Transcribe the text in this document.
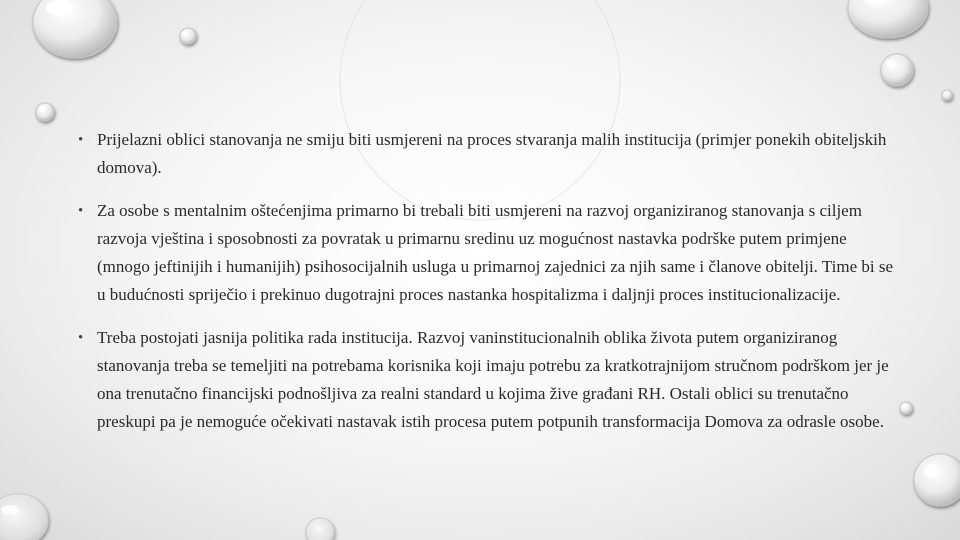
• Prijelazni oblici stanovanja ne smiju biti usmjereni na proces stvaranja malih institucija (primjer ponekih obiteljskih domova).
• Za osobe s mentalnim oštećenjima primarno bi trebali biti usmjereni na razvoj organiziranog stanovanja s ciljem razvoja vještina i sposobnosti za povratak u primarnu sredinu uz mogućnost nastavka podrške putem primjene (mnogo jeftinijih i humanijih) psihosocijalnih usluga u primarnoj zajednici za njih same i članove obitelji. Time bi se u budućnosti spriječio i prekinuo dugotrajni proces nastanka hospitalizma i daljnji proces institucionalizacije.
• Treba postojati jasnija politika rada institucija. Razvoj vaninstitucionalnih oblika života putem organiziranog stanovanja treba se temeljiti na potrebama korisnika koji imaju potrebu za kratkotrajnijom stručnom podrškom jer je ona trenutačno financijski podnošljiva za realni standard u kojima žive građani RH. Ostali oblici su trenutačno preskupi pa je nemoguće očekivati nastavak istih procesa putem potpunih transformacija Domova za odrasle osobe.
